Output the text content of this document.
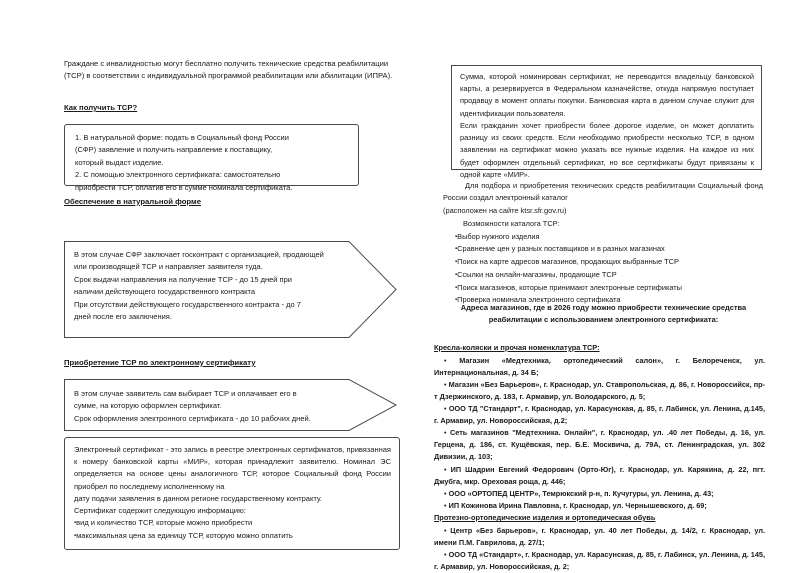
Граждане с инвалидностью могут бесплатно получить технические средства реабилитации (ТСР) в соответствии с индивидуальной программой реабилитации или абилитации (ИПРА).
Как получить ТСР?
1. В натуральной форме: подать в Социальный фонд России
(СФР) заявление и получить направление к поставщику,
который выдаст изделие.
2. С помощью электронного сертификата: самостоятельно
приобрести ТСР, оплатив его в сумме номинала сертификата.
Обеспечение в натуральной форме
В этом случае СФР заключает госконтракт с организацией, продающей
или производящей ТСР и направляет заявителя туда.
Срок выдачи направления на получение ТСР - до 15 дней при
наличии действующего государственного контракта
При отсутствии действующего государственного контракта - до 7
дней после его заключения.
Приобретение ТСР по электронному сертификату
В этом случае заявитель сам выбирает ТСР и оплачивает его в
сумме, на которую оформлен сертификат.
Срок оформления электронного сертификата - до 10 рабочих дней.
Электронный сертификат - это запись в реестре электронных сертификатов, привязанная к номеру банковской карты «МИР», которая принадлежит заявителю. Номинал ЭС определяется на основе цены аналогичного ТСР, которое Социальный фонд России приобрел по последнему исполненному на
дату подачи заявления в данном регионе государственному контракту.
Сертификат содержит следующую информацию:
▪ вид и количество ТСР, которые можно приобрести
▪ максимальная цена за единицу ТСР, которую можно оплатить

Сумма, которой номинирован сертификат, не переводится владельцу банковской карты, а резервируется в Федеральном казначействе, откуда напрямую поступает продавцу в момент оплаты покупки. Банковская карта в данном случае служит для идентификации пользователя.

Если гражданин хочет приобрести более дорогое изделие, он может доплатить разницу из своих средств. Если необходимо приобрести несколько ТСР, в одном заявлении на сертификат можно указать все нужные изделия. На каждое из них будет оформлен отдельный сертификат, но все сертификаты будут привязаны к одной карте «МИР».

Для подбора и приобретения технических средств реабилитации Социальный фонд России создал электронный каталог
(расположен на сайте ktsr.sfr.gov.ru)
Возможности каталога ТСР:
▪ Выбор нужного изделия
▪ Сравнение цен у разных поставщиков и в разных магазинах
▪ Поиск на карте адресов магазинов, продающих выбранные ТСР
▪ Ссылки на онлайн-магазины, продающие ТСР
▪ Поиск магазинов, которые принимают электронные сертификаты
▪ Проверка номинала электронного сертификата
Адреса магазинов, где в 2026 году можно приобрести технические средства реабилитации с использованием электронного сертификата:
Кресла-коляски и прочая номенклатура ТСР:

• Магазин «Медтехника, ортопедический салон», г. Белореченск, ул. Интернациональная, д. 34 Б;

• Магазин «Без Барьеров», г. Краснодар, ул. Ставропольская, д. 86, г. Новороссийск, пр-т Дзержинского, д. 183, г. Армавир, ул. Володарского, д. 5;

• ООО ТД "Стандарт", г. Краснодар, ул. Карасунская, д. 85, г. Лабинск, ул. Ленина, д.145, г. Армавир, ул. Новороссийская, д.2;

• Сеть магазинов "Медтехника. Онлайн", г. Краснодар, ул. .40 лет Победы, д. 16, ул. Герцена, д. 186, ст. Кущёвская, пер. Б.Е. Москвича, д. 79А, ст. Ленинградская, ул. 302 Дивизии, д. 103;

• ИП Шадрин Евгений Федорович (Орто-Юг), г. Краснодар, ул. Карякина, д. 22, пгт. Джубга, мкр. Ореховая роща, д. 446;

• ООО «ОРТОПЕД ЦЕНТР», Темрюкский р-н, п. Кучугуры, ул. Ленина, д. 43;

• ИП Кожинова Ирина Павловна, г. Краснодар, ул. Чернышевского, д. 69;

Протезно-ортопедические изделия и ортопедическая обувь

• Центр «Без барьеров», г. Краснодар, ул. 40 лет Победы, д. 14/2, г. Краснодар, ул. имени П.М. Гаврилова, д. 27/1;

• ООО ТД «Стандарт», г. Краснодар, ул. Карасунская, д. 85, г. Лабинск, ул. Ленина, д. 145, г. Армавир, ул. Новороссийская, д. 2;
